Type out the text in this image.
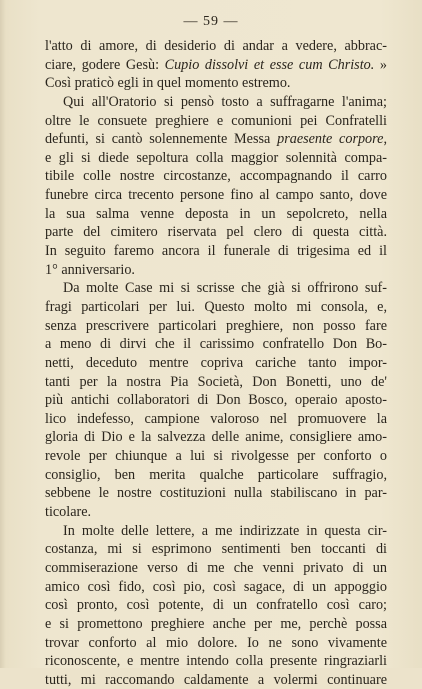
— 59 —
l'atto di amore, di desiderio di andar a vedere, abbrac-
ciare, godere Gesù: Cupio dissolvi et esse cum Christo. »
Così praticò egli in quel momento estremo.
Qui all'Oratorio si pensò tosto a suffragarne l'anima;
oltre le consuete preghiere e comunioni pei Confratelli
defunti, si cantò solennemente Messa praesente corpore,
e gli si diede sepoltura colla maggior solennità compa-
tibile colle nostre circostanze, accompagnando il carro
funebre circa trecento persone fino al campo santo, dove
la sua salma venne deposta in un sepolcreto, nella
parte del cimitero riservata pel clero di questa città.
In seguito faremo ancora il funerale di trigesima ed il
1° anniversario.
Da molte Case mi si scrisse che già si offrirono suf-
fragi particolari per lui. Questo molto mi consola, e,
senza prescrivere particolari preghiere, non posso fare
a meno di dirvi che il carissimo confratello Don Bo-
netti, deceduto mentre copriva cariche tanto impor-
tanti per la nostra Pia Società, Don Bonetti, uno de'
più antichi collaboratori di Don Bosco, operaio aposto-
lico indefesso, campione valoroso nel promuovere la
gloria di Dio e la salvezza delle anime, consigliere amo-
revole per chiunque a lui si rivolgesse per conforto o
consiglio, ben merita qualche particolare suffragio,
sebbene le nostre costituzioni nulla stabiliscano in par-
ticolare.
In molte delle lettere, a me indirizzate in questa cir-
costanza, mi si esprimono sentimenti ben toccanti di
commiserazione verso di me che venni privato di un
amico così fido, così pio, così sagace, di un appoggio
così pronto, così potente, di un confratello così caro;
e si promettono preghiere anche per me, perchè possa
trovar conforto al mio dolore. Io ne sono vivamente
riconoscente, e mentre intendo colla presente ringraziarli
tutti, mi raccomando caldamente a volermi continuare
